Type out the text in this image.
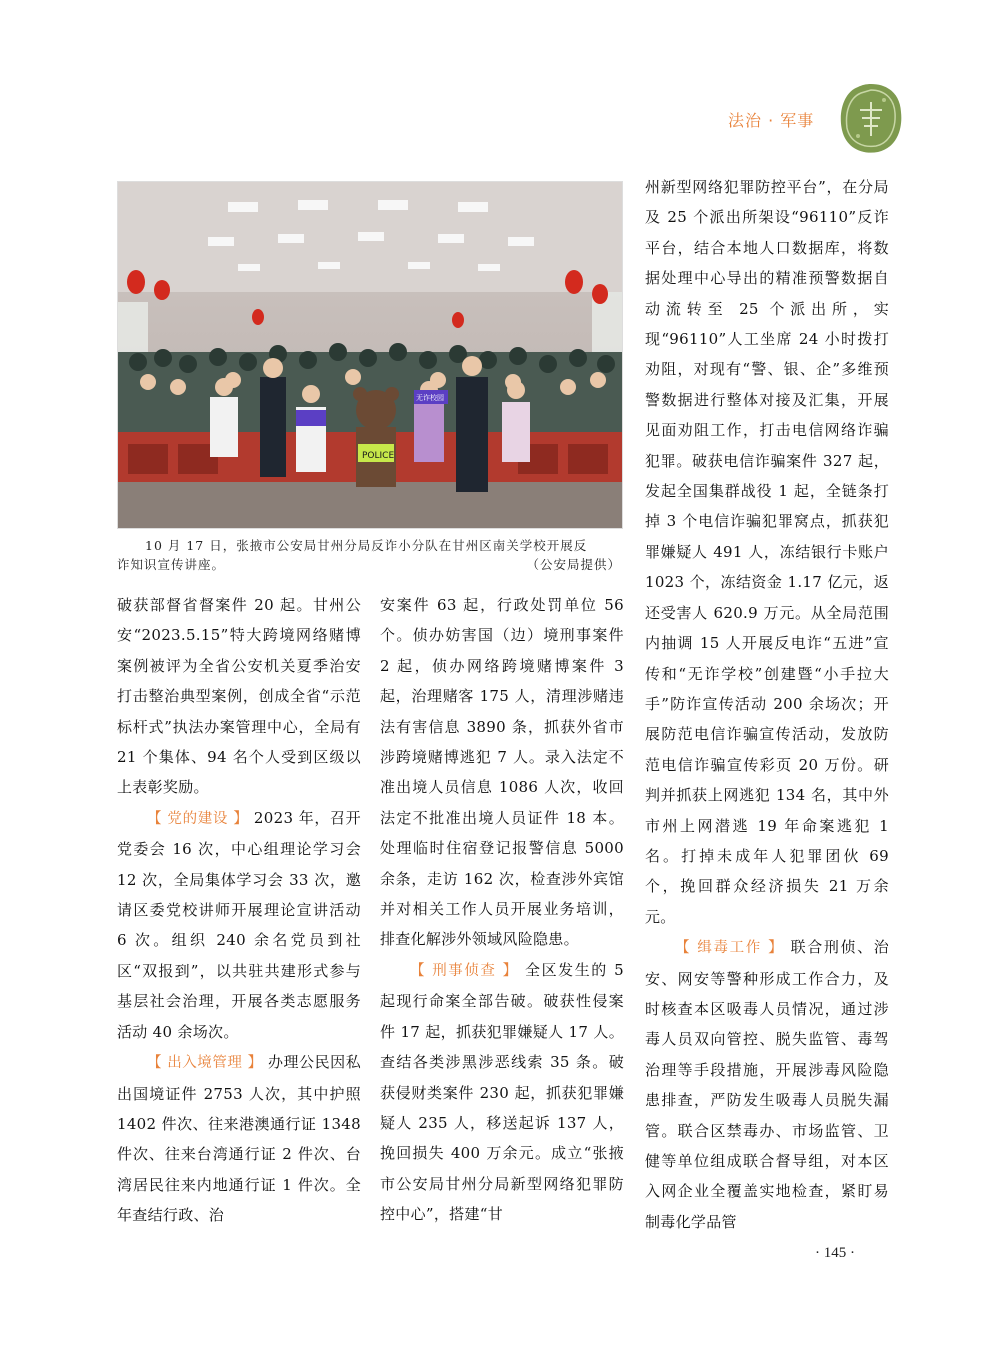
法治 · 军事
POLICE
无诈校园
10 月 17 日，张掖市公安局甘州分局反诈小分队在甘州区南关学校开展反
诈知识宣传讲座。	（公安局提供）

破获部督省督案件 20 起。甘州公安“2023.5.15”特大跨境网络赌博案例被评为全省公安机关夏季治安打击整治典型案例，创成全省“示范标杆式”执法办案管理中心，全局有 21 个集体、94 名个人受到区级以上表彰奖励。

【 党的建设 】 2023 年，召开党委会 16 次，中心组理论学习会 12 次，全局集体学习会 33 次，邀请区委党校讲师开展理论宣讲活动 6 次。组织 240 余名党员到社区“双报到”，以共驻共建形式参与基层社会治理，开展各类志愿服务活动 40 余场次。

【 出入境管理 】 办理公民因私出国境证件 2753 人次，其中护照 1402 件次、往来港澳通行证 1348 件次、往来台湾通行证 2 件次、台湾居民往来内地通行证 1 件次。全年查结行政、治

安案件 63 起，行政处罚单位 56 个。侦办妨害国（边）境刑事案件 2 起，侦办网络跨境赌博案件 3 起，治理赌客 175 人，清理涉赌违法有害信息 3890 条，抓获外省市涉跨境赌博逃犯 7 人。录入法定不准出境人员信息 1086 人次，收回法定不批准出境人员证件 18 本。处理临时住宿登记报警信息 5000 余条，走访 162 次，检查涉外宾馆并对相关工作人员开展业务培训，排查化解涉外领域风险隐患。

【 刑事侦查 】 全区发生的 5 起现行命案全部告破。破获性侵案件 17 起，抓获犯罪嫌疑人 17 人。查结各类涉黑涉恶线索 35 条。破获侵财类案件 230 起，抓获犯罪嫌疑人 235 人，移送起诉 137 人，挽回损失 400 万余元。成立“张掖市公安局甘州分局新型网络犯罪防控中心”，搭建“甘

州新型网络犯罪防控平台”，在分局及 25 个派出所架设“96110”反诈平台，结合本地人口数据库，将数据处理中心导出的精准预警数据自动流转至 25 个派出所，实现“96110”人工坐席 24 小时拨打劝阻，对现有“警、银、企”多维预警数据进行整体对接及汇集，开展见面劝阻工作，打击电信网络诈骗犯罪。破获电信诈骗案件 327 起，发起全国集群战役 1 起，全链条打掉 3 个电信诈骗犯罪窝点，抓获犯罪嫌疑人 491 人，冻结银行卡账户 1023 个，冻结资金 1.17 亿元，返还受害人 620.9 万元。从全局范围内抽调 15 人开展反电诈“五进”宣传和“无诈学校”创建暨“小手拉大手”防诈宣传活动 200 余场次；开展防范电信诈骗宣传活动，发放防范电信诈骗宣传彩页 20 万份。研判并抓获上网逃犯 134 名，其中外市州上网潜逃 19 年命案逃犯 1 名。打掉未成年人犯罪团伙 69 个，挽回群众经济损失 21 万余元。

【 缉毒工作 】 联合刑侦、治安、网安等警种形成工作合力，及时核查本区吸毒人员情况，通过涉毒人员双向管控、脱失监管、毒驾治理等手段措施，开展涉毒风险隐患排查，严防发生吸毒人员脱失漏管。联合区禁毒办、市场监管、卫健等单位组成联合督导组，对本区入网企业全覆盖实地检查，紧盯易制毒化学品管

· 145 ·
